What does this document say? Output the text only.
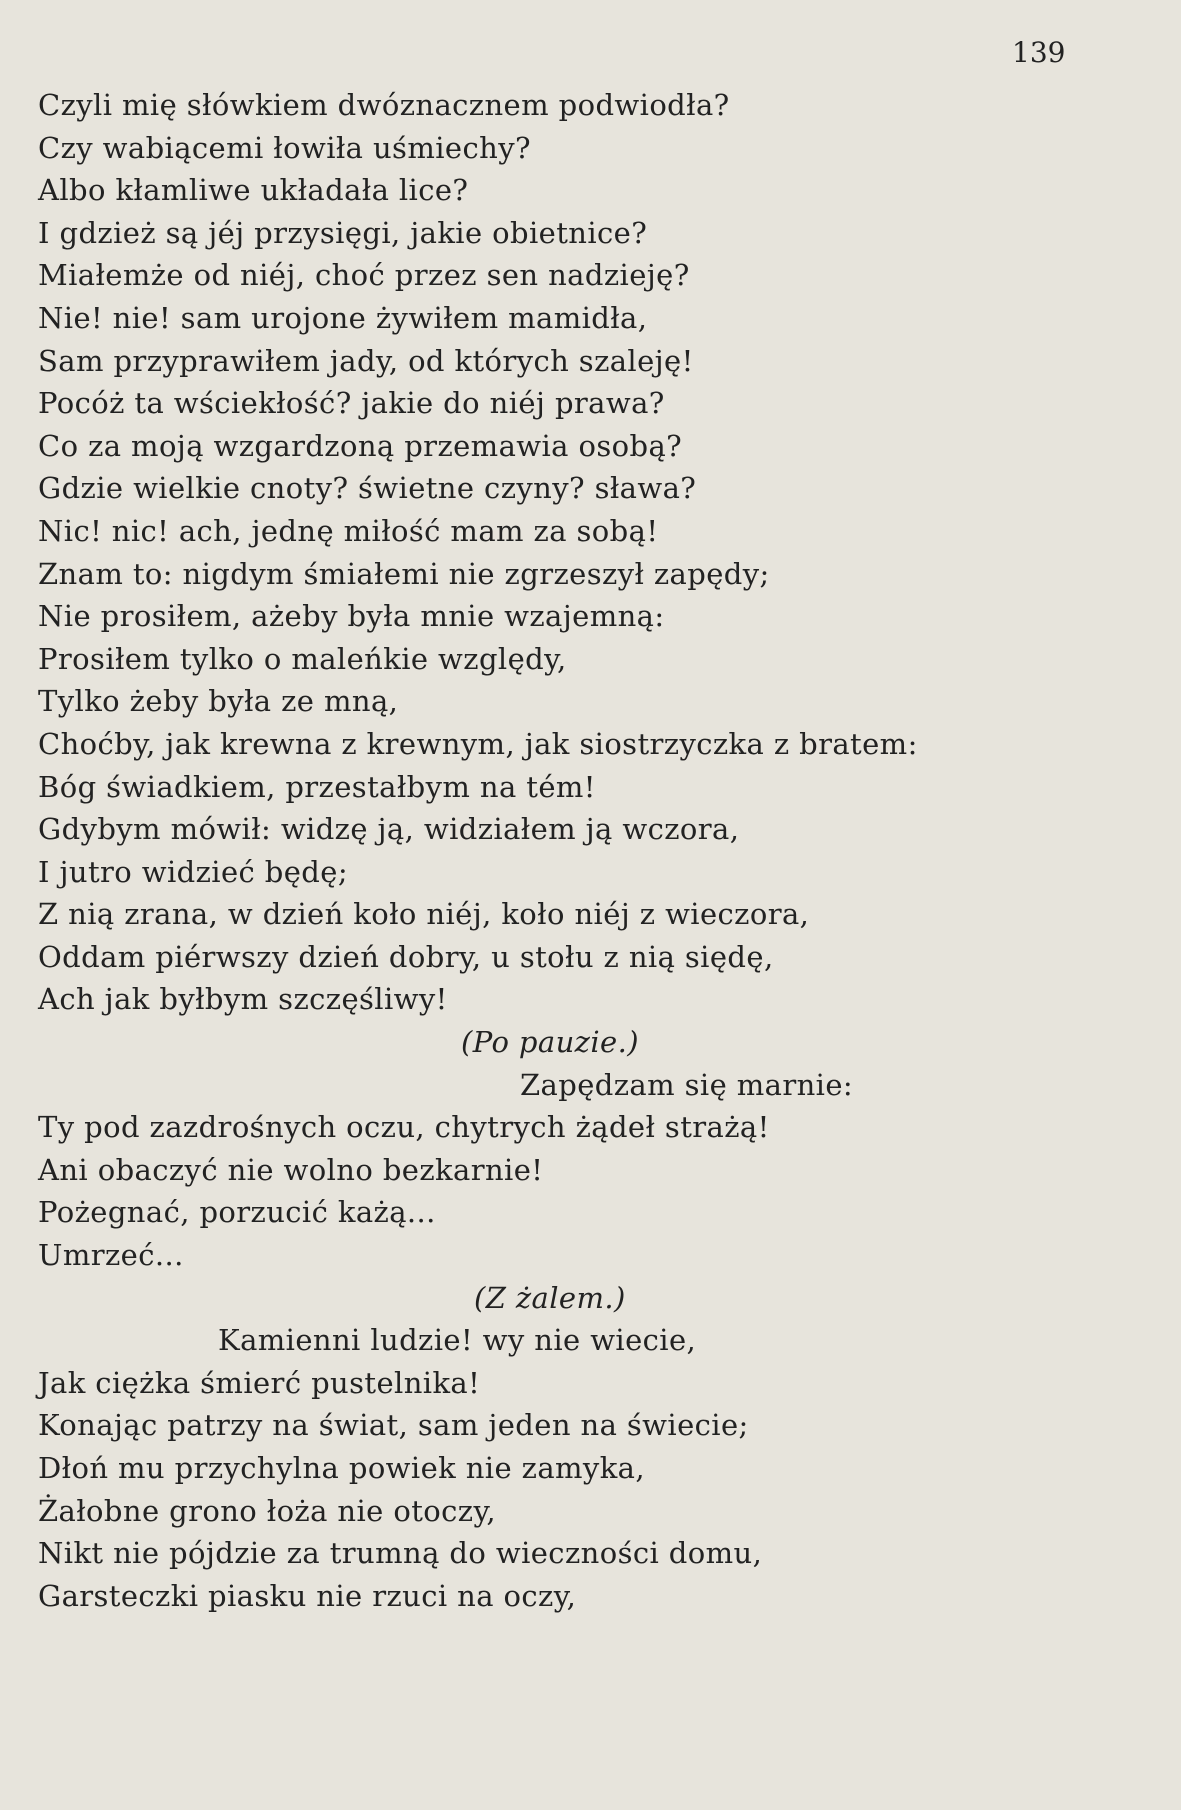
139
Czyli mię słówkiem dwóznacznem podwiodła?
Czy wabiącemi łowiła uśmiechy?
Albo kłamliwe układała lice?
I gdzież są jéj przysięgi, jakie obietnice?
Miałemże od niéj, choć przez sen nadzieję?
Nie! nie! sam urojone żywiłem mamidła,
Sam przyprawiłem jady, od których szaleję!
Pocóż ta wściekłość? jakie do niéj prawa?
Co za moją wzgardzoną przemawia osobą?
Gdzie wielkie cnoty? świetne czyny? sława?
Nic! nic! ach, jednę miłość mam za sobą!
Znam to: nigdym śmiałemi nie zgrzeszył zapędy;
Nie prosiłem, ażeby była mnie wzajemną:
Prosiłem tylko o maleńkie względy,
Tylko żeby była ze mną,
Choćby, jak krewna z krewnym, jak siostrzyczka z bratem:
Bóg świadkiem, przestałbym na tém!
Gdybym mówił: widzę ją, widziałem ją wczora,
I jutro widzieć będę;
Z nią zrana, w dzień koło niéj, koło niéj z wieczora,
Oddam piérwszy dzień dobry, u stołu z nią siędę,
Ach jak byłbym szczęśliwy!
(Po pauzie.)
Zapędzam się marnie:
Ty pod zazdrośnych oczu, chytrych żądeł strażą!
Ani obaczyć nie wolno bezkarnie!
Pożegnać, porzucić każą...
Umrzeć...
(Z żalem.)
Kamienni ludzie! wy nie wiecie,
Jak ciężka śmierć pustelnika!
Konając patrzy na świat, sam jeden na świecie;
Dłoń mu przychylna powiek nie zamyka,
Żałobne grono łoża nie otoczy,
Nikt nie pójdzie za trumną do wieczności domu,
Garsteczki piasku nie rzuci na oczy,
